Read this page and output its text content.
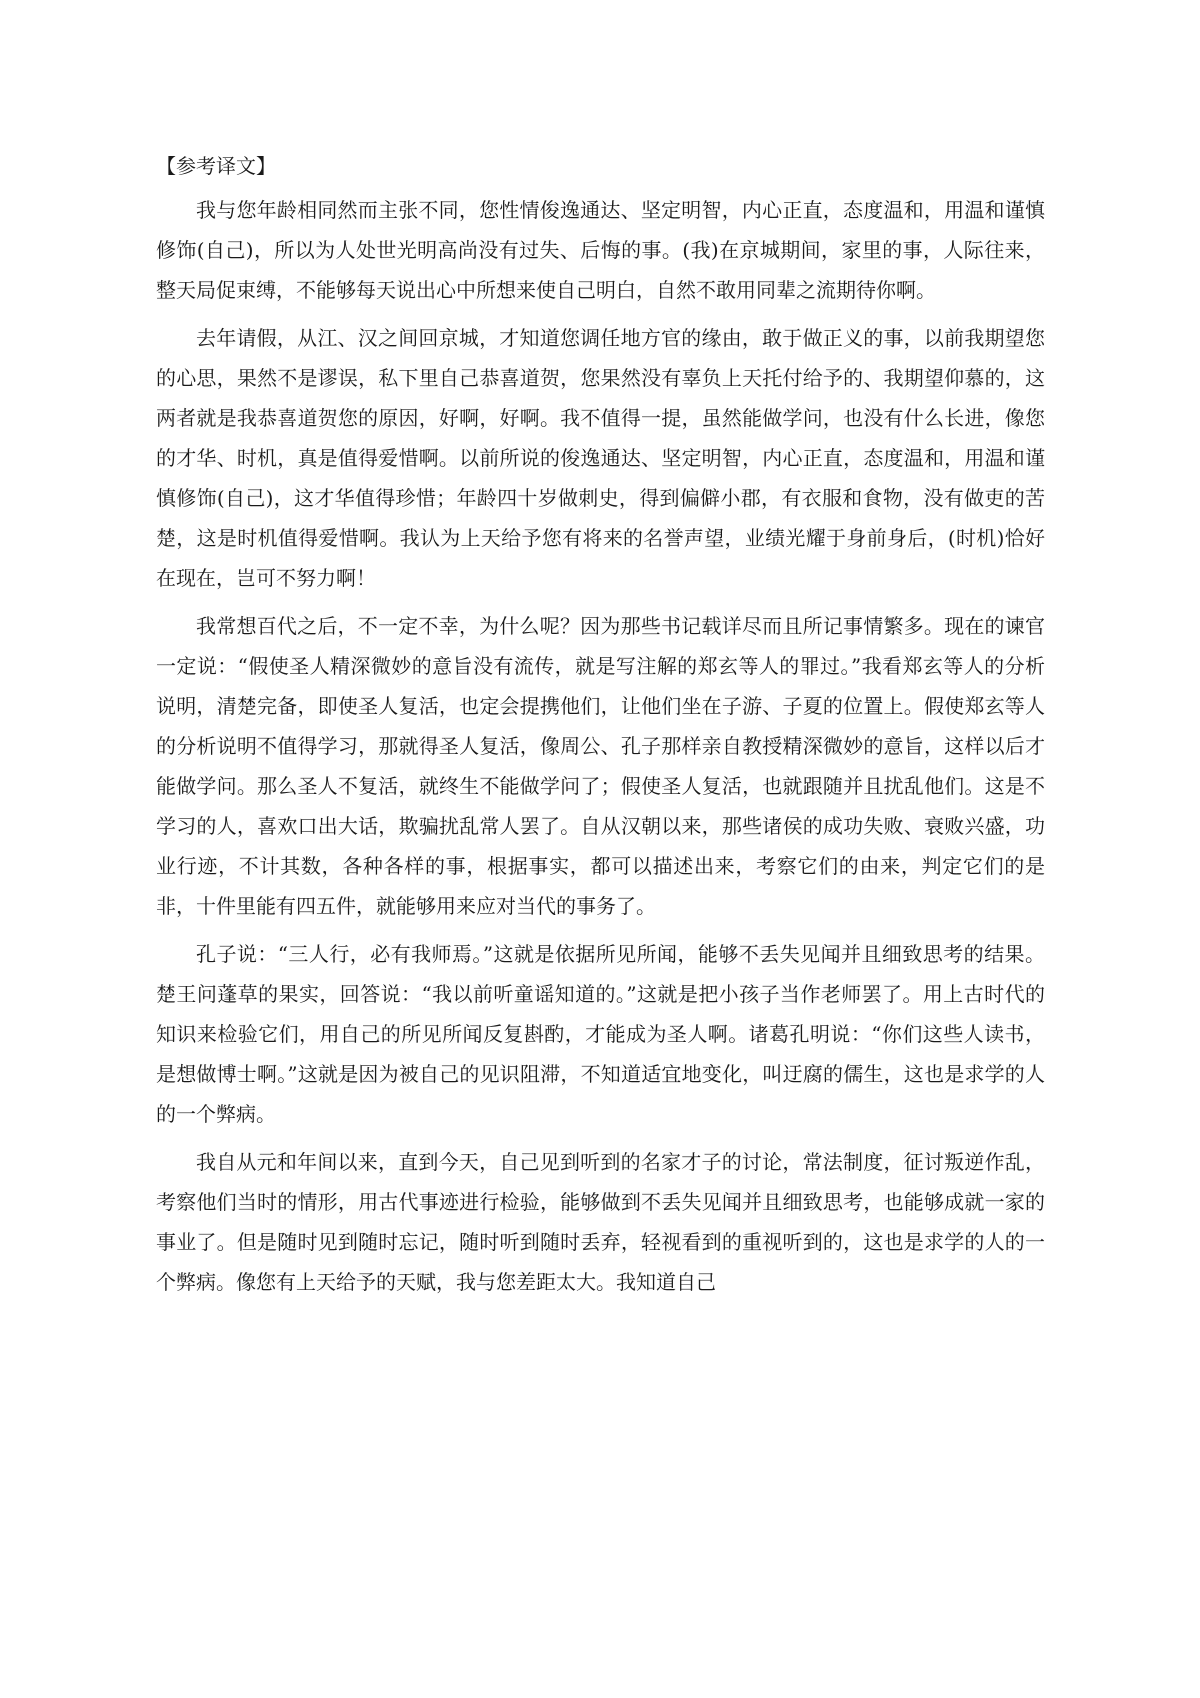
【参考译文】

我与您年龄相同然而主张不同，您性情俊逸通达、坚定明智，内心正直，态度温和，用温和谨慎修饰(自己)，所以为人处世光明高尚没有过失、后悔的事。(我)在京城期间，家里的事，人际往来，整天局促束缚，不能够每天说出心中所想来使自己明白，自然不敢用同辈之流期待你啊。

去年请假，从江、汉之间回京城，才知道您调任地方官的缘由，敢于做正义的事，以前我期望您的心思，果然不是谬误，私下里自己恭喜道贺，您果然没有辜负上天托付给予的、我期望仰慕的，这两者就是我恭喜道贺您的原因，好啊，好啊。我不值得一提，虽然能做学问，也没有什么长进，像您的才华、时机，真是值得爱惜啊。以前所说的俊逸通达、坚定明智，内心正直，态度温和，用温和谨慎修饰(自己)，这才华值得珍惜；年龄四十岁做刺史，得到偏僻小郡，有衣服和食物，没有做吏的苦楚，这是时机值得爱惜啊。我认为上天给予您有将来的名誉声望，业绩光耀于身前身后，(时机)恰好在现在，岂可不努力啊！

我常想百代之后，不一定不幸，为什么呢？因为那些书记载详尽而且所记事情繁多。现在的谏官一定说：“假使圣人精深微妙的意旨没有流传，就是写注解的郑玄等人的罪过。”我看郑玄等人的分析说明，清楚完备，即使圣人复活，也定会提携他们，让他们坐在子游、子夏的位置上。假使郑玄等人的分析说明不值得学习，那就得圣人复活，像周公、孔子那样亲自教授精深微妙的意旨，这样以后才能做学问。那么圣人不复活，就终生不能做学问了；假使圣人复活，也就跟随并且扰乱他们。这是不学习的人，喜欢口出大话，欺骗扰乱常人罢了。自从汉朝以来，那些诸侯的成功失败、衰败兴盛，功业行迹，不计其数，各种各样的事，根据事实，都可以描述出来，考察它们的由来，判定它们的是非，十件里能有四五件，就能够用来应对当代的事务了。

孔子说：“三人行，必有我师焉。”这就是依据所见所闻，能够不丢失见闻并且细致思考的结果。楚王问蓬草的果实，回答说：“我以前听童谣知道的。”这就是把小孩子当作老师罢了。用上古时代的知识来检验它们，用自己的所见所闻反复斟酌，才能成为圣人啊。诸葛孔明说：“你们这些人读书，是想做博士啊。”这就是因为被自己的见识阻滞，不知道适宜地变化，叫迂腐的儒生，这也是求学的人的一个弊病。

我自从元和年间以来，直到今天，自己见到听到的名家才子的讨论，常法制度，征讨叛逆作乱，考察他们当时的情形，用古代事迹进行检验，能够做到不丢失见闻并且细致思考，也能够成就一家的事业了。但是随时见到随时忘记，随时听到随时丢弃，轻视看到的重视听到的，这也是求学的人的一个弊病。像您有上天给予的天赋，我与您差距太大。我知道自己
